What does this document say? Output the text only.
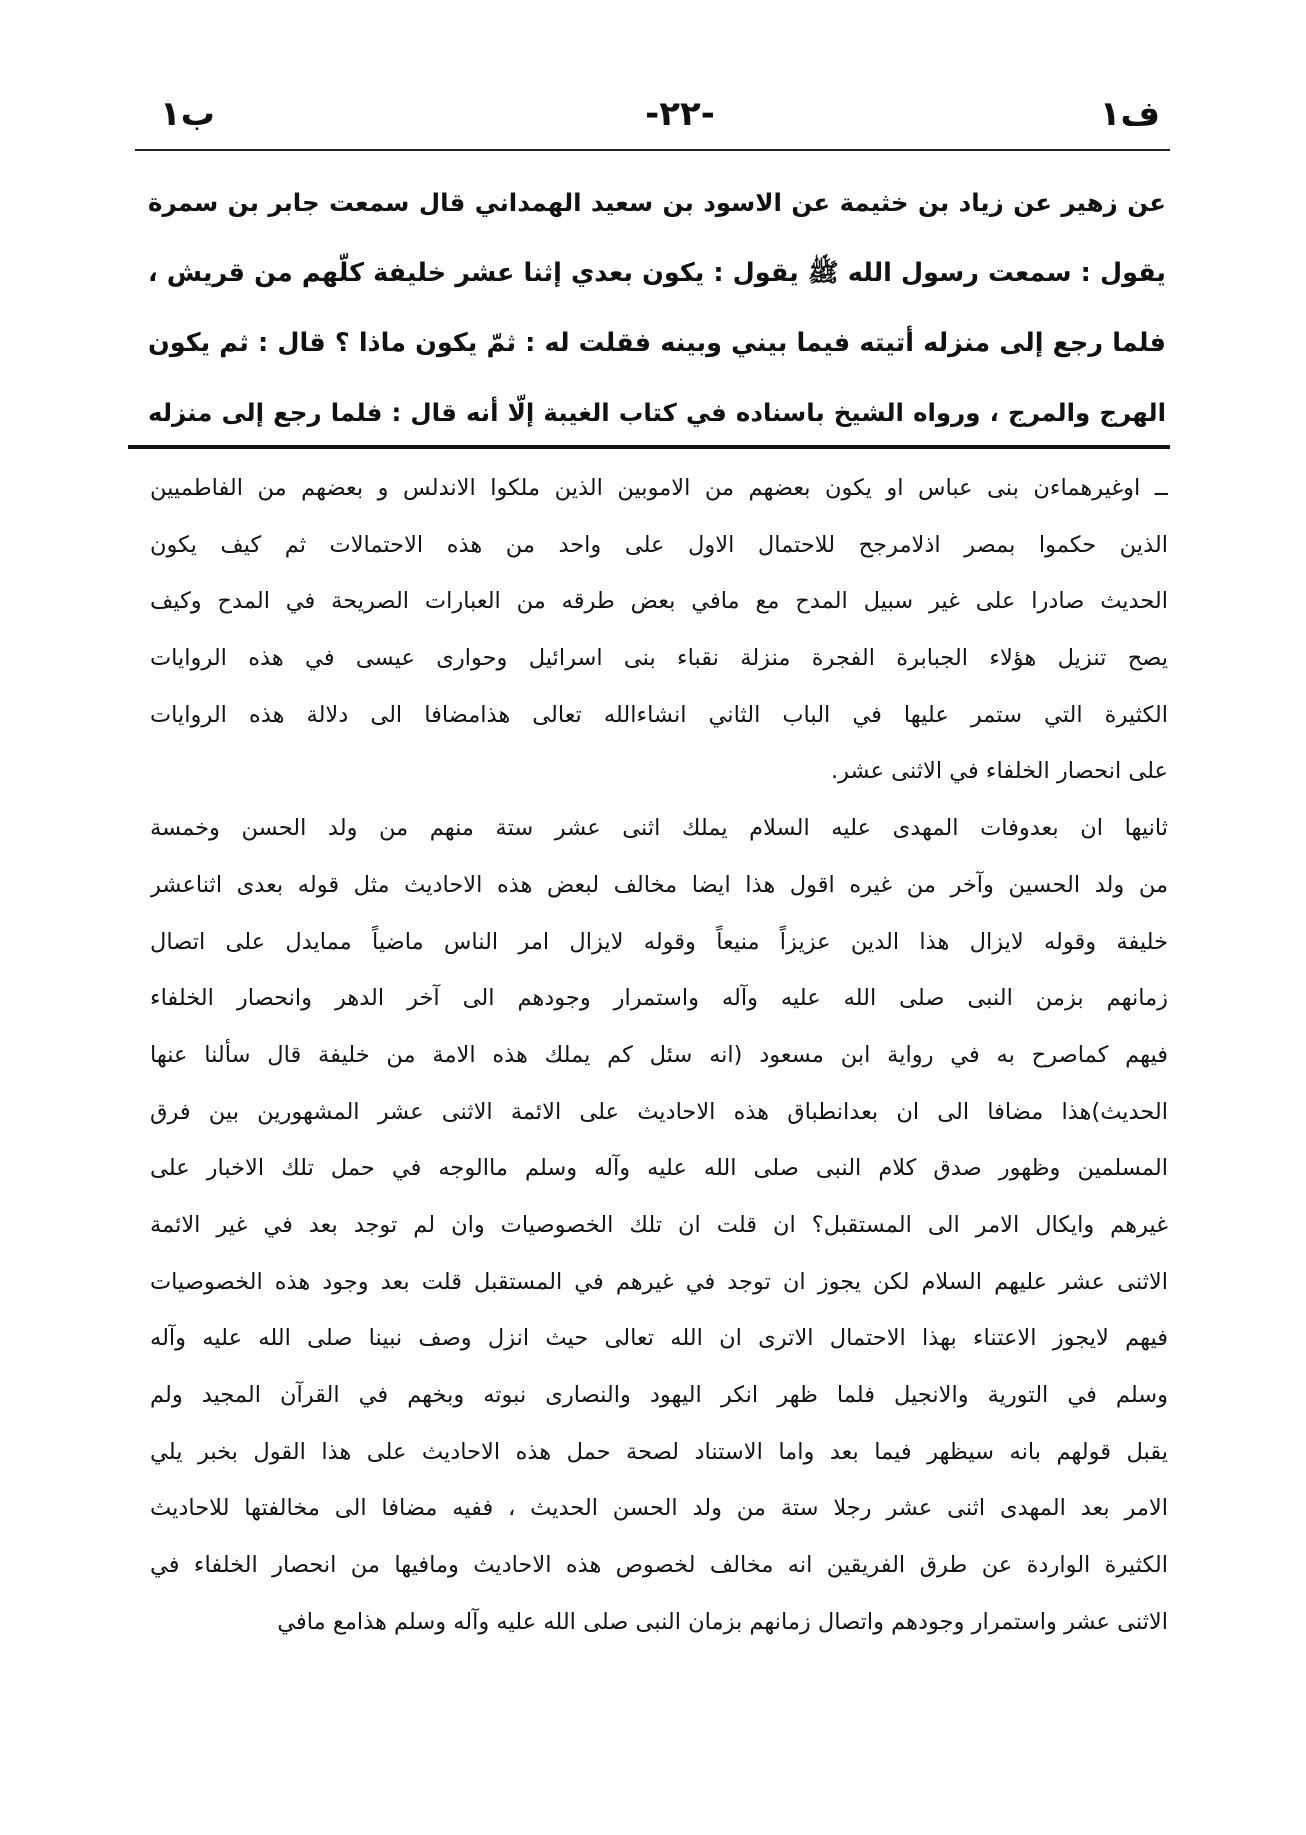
ب١	-٢٢-	ف١
عن زهير عن زياد بن خثيمة عن الاسود بن سعيد الهمداني قال سمعت جابر بن سمرة
يقول : سمعت رسول الله ﷺ يقول : يكون بعدي إثنا عشر خليفة كلّهم من قريش ،
فلما رجع إلى منزله أتيته فيما بيني وبينه فقلت له : ثمّ يكون ماذا ؟ قال : ثم يكون
الهرج والمرج ، ورواه الشيخ باسناده في كتاب الغيبة إلّا أنه قال : فلما رجع إلى منزله
ــ اوغيرهماءن بنى عباس او يكون بعضهم من الاموبين الذين ملكوا الاندلس و بعضهم من الفاطميين
الذين حكموا بمصر اذلامرجح للاحتمال الاول على واحد من هذه الاحتمالات ثم كيف يكون
الحديث صادرا على غير سبيل المدح مع مافي بعض طرقه من العبارات الصريحة في المدح وكيف
يصح تنزيل هؤلاء الجبابرة الفجرة منزلة نقباء بنى اسرائيل وحوارى عيسى في هذه الروايات
الكثيرة التي ستمر عليها في الباب الثاني انشاءالله تعالى هذامضافا الى دلالة هذه الروايات
على انحصار الخلفاء في الاثنى عشر.
ثانيها ان بعدوفات المهدى عليه السلام يملك اثنى عشر ستة منهم من ولد الحسن وخمسة
من ولد الحسين وآخر من غيره اقول هذا ايضا مخالف لبعض هذه الاحاديث مثل قوله بعدى اثناعشر
خليفة وقوله لايزال هذا الدين عزيزاً منيعاً وقوله لايزال امر الناس ماضياً ممايدل على اتصال
زمانهم بزمن النبى صلى الله عليه وآله واستمرار وجودهم الى آخر الدهر وانحصار الخلفاء
فيهم كماصرح به في رواية ابن مسعود (انه سئل كم يملك هذه الامة من خليفة قال سألنا عنها
الحديث)هذا مضافا الى ان بعدانطباق هذه الاحاديث على الائمة الاثنى عشر المشهورين بين فرق
المسلمين وظهور صدق كلام النبى صلى الله عليه وآله وسلم ماالوجه في حمل تلك الاخبار على
غيرهم وايكال الامر الى المستقبل؟ ان قلت ان تلك الخصوصيات وان لم توجد بعد في غير الائمة
الاثنى عشر عليهم السلام لكن يجوز ان توجد في غيرهم في المستقبل قلت بعد وجود هذه الخصوصيات
فيهم لايجوز الاعتناء بهذا الاحتمال الاترى ان الله تعالى حيث انزل وصف نبينا صلى الله عليه وآله
وسلم في التورية والانجيل فلما ظهر انكر اليهود والنصارى نبوته وبخهم في القرآن المجيد ولم
يقبل قولهم بانه سيظهر فيما بعد واما الاستناد لصحة حمل هذه الاحاديث على هذا القول بخبر يلي
الامر بعد المهدى اثنى عشر رجلا ستة من ولد الحسن الحديث ، ففيه مضافا الى مخالفتها للاحاديث
الكثيرة الواردة عن طرق الفريقين انه مخالف لخصوص هذه الاحاديث ومافيها من انحصار الخلفاء في
الاثنى عشر واستمرار وجودهم واتصال زمانهم بزمان النبى صلى الله عليه وآله وسلم هذامع مافي
